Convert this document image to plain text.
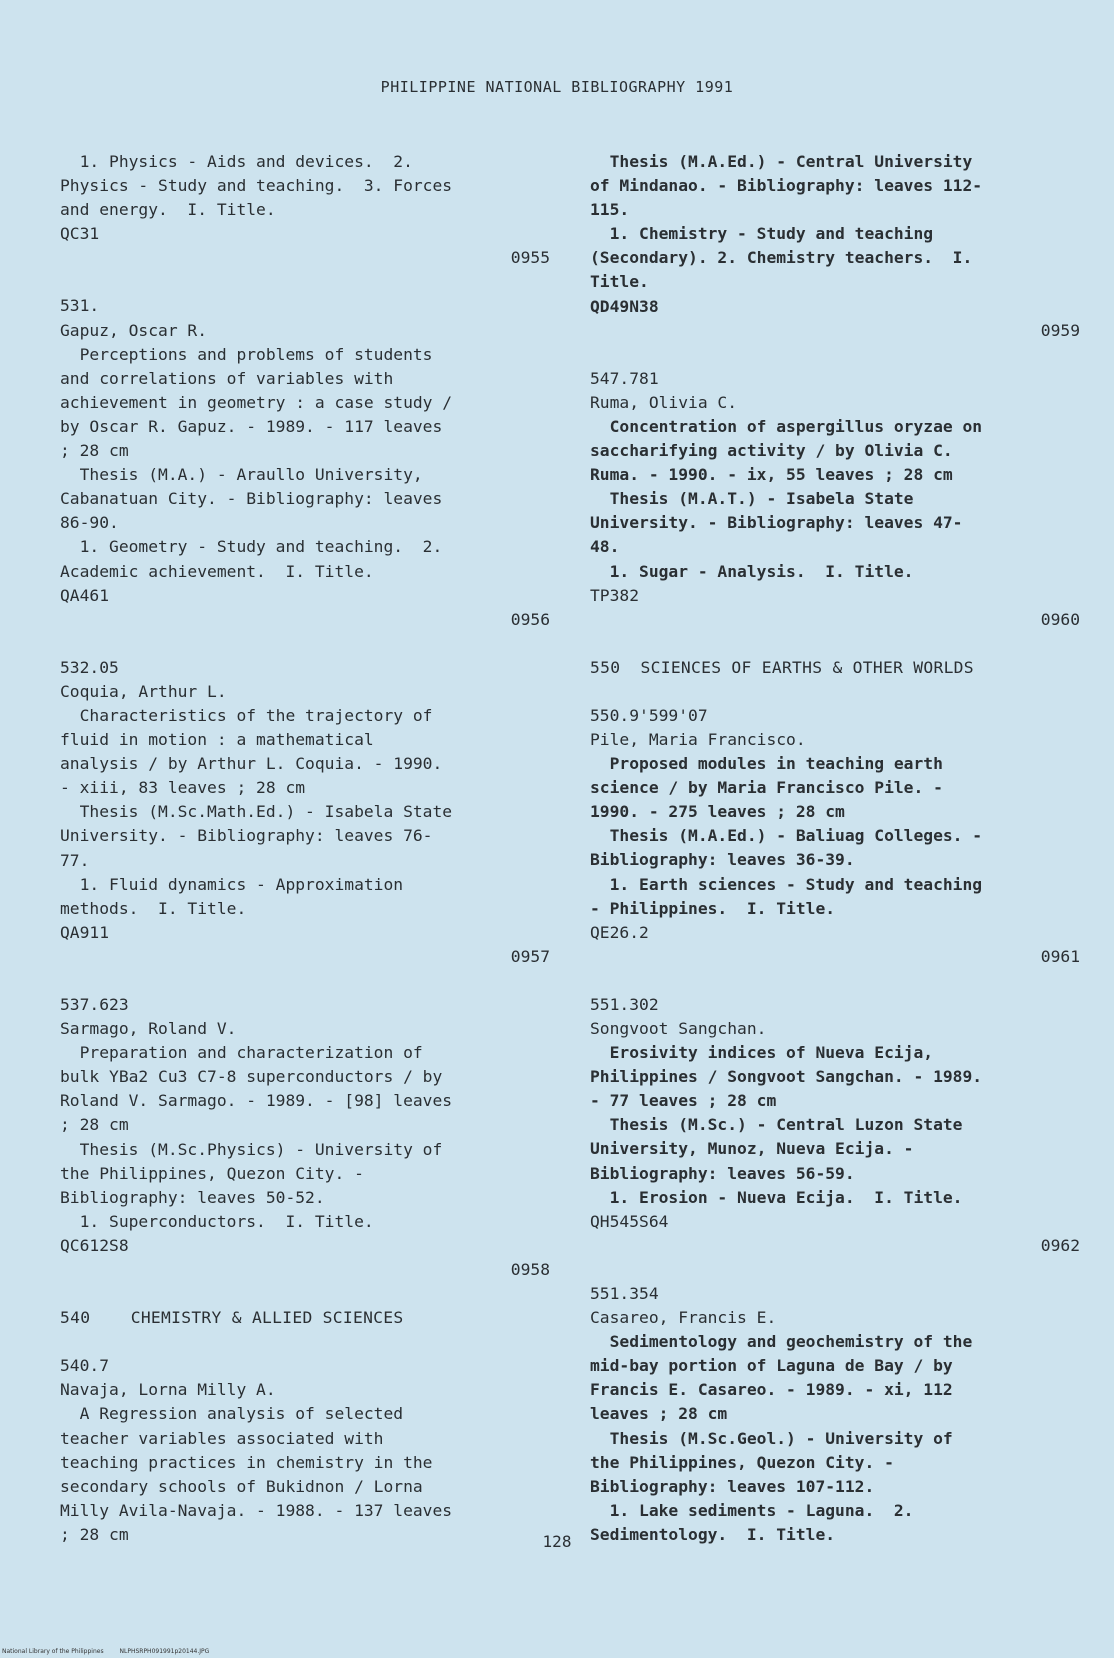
PHILIPPINE NATIONAL BIBLIOGRAPHY 1991
1. Physics - Aids and devices.  2.
Physics - Study and teaching.  3. Forces
and energy.  I. Title.
QC31
0955
531.
Gapuz, Oscar R.
Perceptions and problems of students
and correlations of variables with
achievement in geometry : a case study /
by Oscar R. Gapuz. - 1989. - 117 leaves
; 28 cm
Thesis (M.A.) - Araullo University,
Cabanatuan City. - Bibliography: leaves
86-90.
1. Geometry - Study and teaching.  2.
Academic achievement.  I. Title.
QA461
0956
532.05
Coquia, Arthur L.
Characteristics of the trajectory of
fluid in motion : a mathematical
analysis / by Arthur L. Coquia. - 1990.
- xiii, 83 leaves ; 28 cm
Thesis (M.Sc.Math.Ed.) - Isabela State
University. - Bibliography: leaves 76-
77.
1. Fluid dynamics - Approximation
methods.  I. Title.
QA911
0957
537.623
Sarmago, Roland V.
Preparation and characterization of
bulk YBa2 Cu3 C7-8 superconductors / by
Roland V. Sarmago. - 1989. - [98] leaves
; 28 cm
Thesis (M.Sc.Physics) - University of
the Philippines, Quezon City. -
Bibliography: leaves 50-52.
1. Superconductors.  I. Title.
QC612S8
0958
540    CHEMISTRY & ALLIED SCIENCES
540.7
Navaja, Lorna Milly A.
A Regression analysis of selected
teacher variables associated with
teaching practices in chemistry in the
secondary schools of Bukidnon / Lorna
Milly Avila-Navaja. - 1988. - 137 leaves
; 28 cm
Thesis (M.A.Ed.) - Central University
of Mindanao. - Bibliography: leaves 112-
115.
1. Chemistry - Study and teaching
(Secondary). 2. Chemistry teachers.  I.
Title.
QD49N38
0959
547.781
Ruma, Olivia C.
Concentration of aspergillus oryzae on
saccharifying activity / by Olivia C.
Ruma. - 1990. - ix, 55 leaves ; 28 cm
Thesis (M.A.T.) - Isabela State
University. - Bibliography: leaves 47-
48.
1. Sugar - Analysis.  I. Title.
TP382
0960
550  SCIENCES OF EARTHS & OTHER WORLDS
550.9'599'07
Pile, Maria Francisco.
Proposed modules in teaching earth
science / by Maria Francisco Pile. -
1990. - 275 leaves ; 28 cm
Thesis (M.A.Ed.) - Baliuag Colleges. -
Bibliography: leaves 36-39.
1. Earth sciences - Study and teaching
- Philippines.  I. Title.
QE26.2
0961
551.302
Songvoot Sangchan.
Erosivity indices of Nueva Ecija,
Philippines / Songvoot Sangchan. - 1989.
- 77 leaves ; 28 cm
Thesis (M.Sc.) - Central Luzon State
University, Munoz, Nueva Ecija. -
Bibliography: leaves 56-59.
1. Erosion - Nueva Ecija.  I. Title.
QH545S64
0962
551.354
Casareo, Francis E.
Sedimentology and geochemistry of the
mid-bay portion of Laguna de Bay / by
Francis E. Casareo. - 1989. - xi, 112
leaves ; 28 cm
Thesis (M.Sc.Geol.) - University of
the Philippines, Quezon City. -
Bibliography: leaves 107-112.
1. Lake sediments - Laguna.  2.
Sedimentology.  I. Title.
128
National Library of the Philippines	NLPHSRPH091991p20144.JPG
